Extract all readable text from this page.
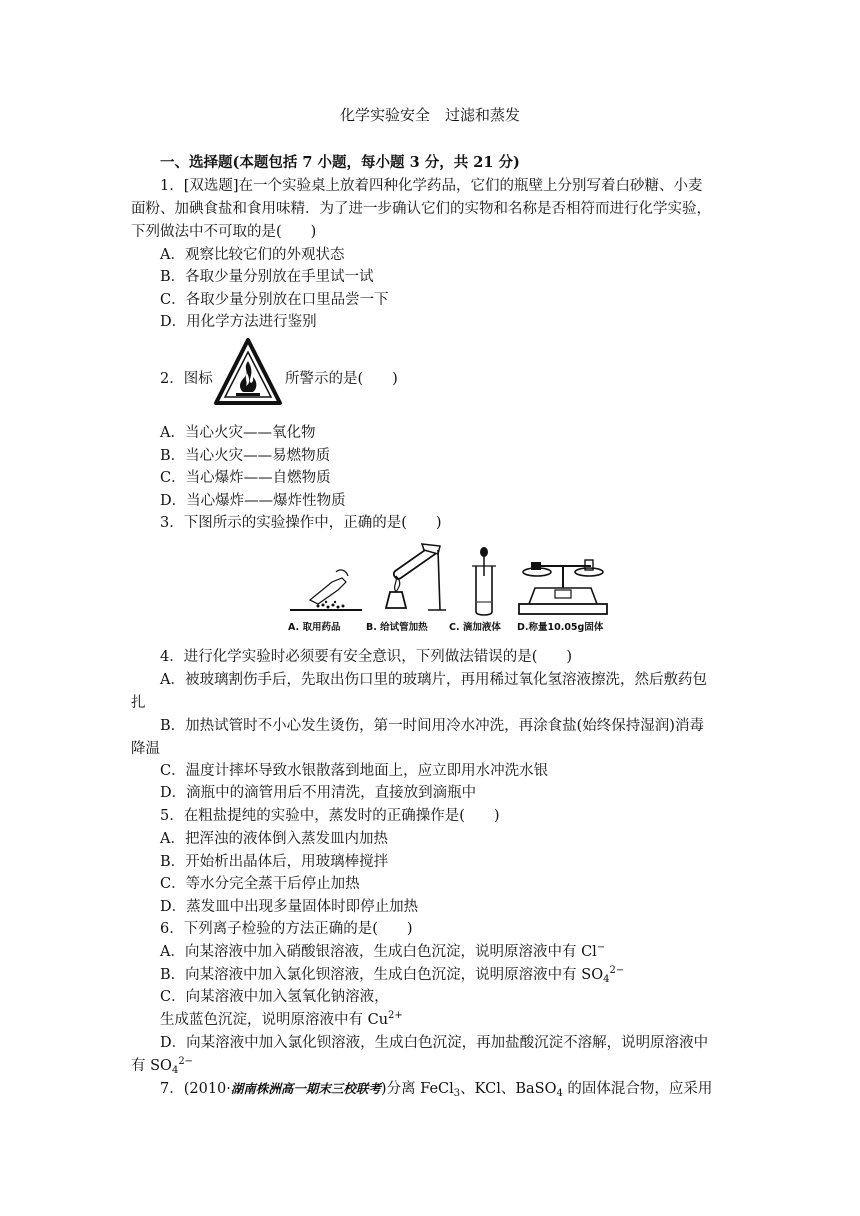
化学实验安全　过滤和蒸发
一、选择题(本题包括 7 小题，每小题 3 分，共 21 分)
1．[双选题]在一个实验桌上放着四种化学药品，它们的瓶壁上分别写着白砂糖、小麦
面粉、加碘食盐和食用味精．为了进一步确认它们的实物和名称是否相符而进行化学实验，
下列做法中不可取的是(　　)
A．观察比较它们的外观状态
B．各取少量分别放在手里试一试
C．各取少量分别放在口里品尝一下
D．用化学方法进行鉴别
2．图标	所警示的是(　　)
A．当心火灾——氧化物
B．当心火灾——易燃物质
C．当心爆炸——自燃物质
D．当心爆炸——爆炸性物质
3．下图所示的实验操作中，正确的是(　　)
A. 取用药品	B. 给试管加热 C. 滴加液体 D.称量10.05g固体
4．进行化学实验时必须要有安全意识，下列做法错误的是(　　)
A．被玻璃割伤手后，先取出伤口里的玻璃片，再用稀过氧化氢溶液擦洗，然后敷药包
扎
B．加热试管时不小心发生烫伤，第一时间用冷水冲洗，再涂食盐(始终保持湿润)消毒
降温
C．温度计摔坏导致水银散落到地面上，应立即用水冲洗水银
D．滴瓶中的滴管用后不用清洗，直接放到滴瓶中
5．在粗盐提纯的实验中，蒸发时的正确操作是(　　)
A．把浑浊的液体倒入蒸发皿内加热
B．开始析出晶体后，用玻璃棒搅拌
C．等水分完全蒸干后停止加热
D．蒸发皿中出现多量固体时即停止加热
6．下列离子检验的方法正确的是(　　)
A．向某溶液中加入硝酸银溶液，生成白色沉淀，说明原溶液中有 Cl−
B．向某溶液中加入氯化钡溶液，生成白色沉淀，说明原溶液中有 $SO_4^{2-}$
C．向某溶液中加入氢氧化钠溶液，
生成蓝色沉淀，说明原溶液中有 $Cu^{2+}$
D．向某溶液中加入氯化钡溶液，生成白色沉淀，再加盐酸沉淀不溶解，说明原溶液中
有 $SO_4^{2-}$
7．(2010·湖南株洲高一期末三校联考)分离 FeCl$_3$、KCl、BaSO$_4$ 的固体混合物，应采用
